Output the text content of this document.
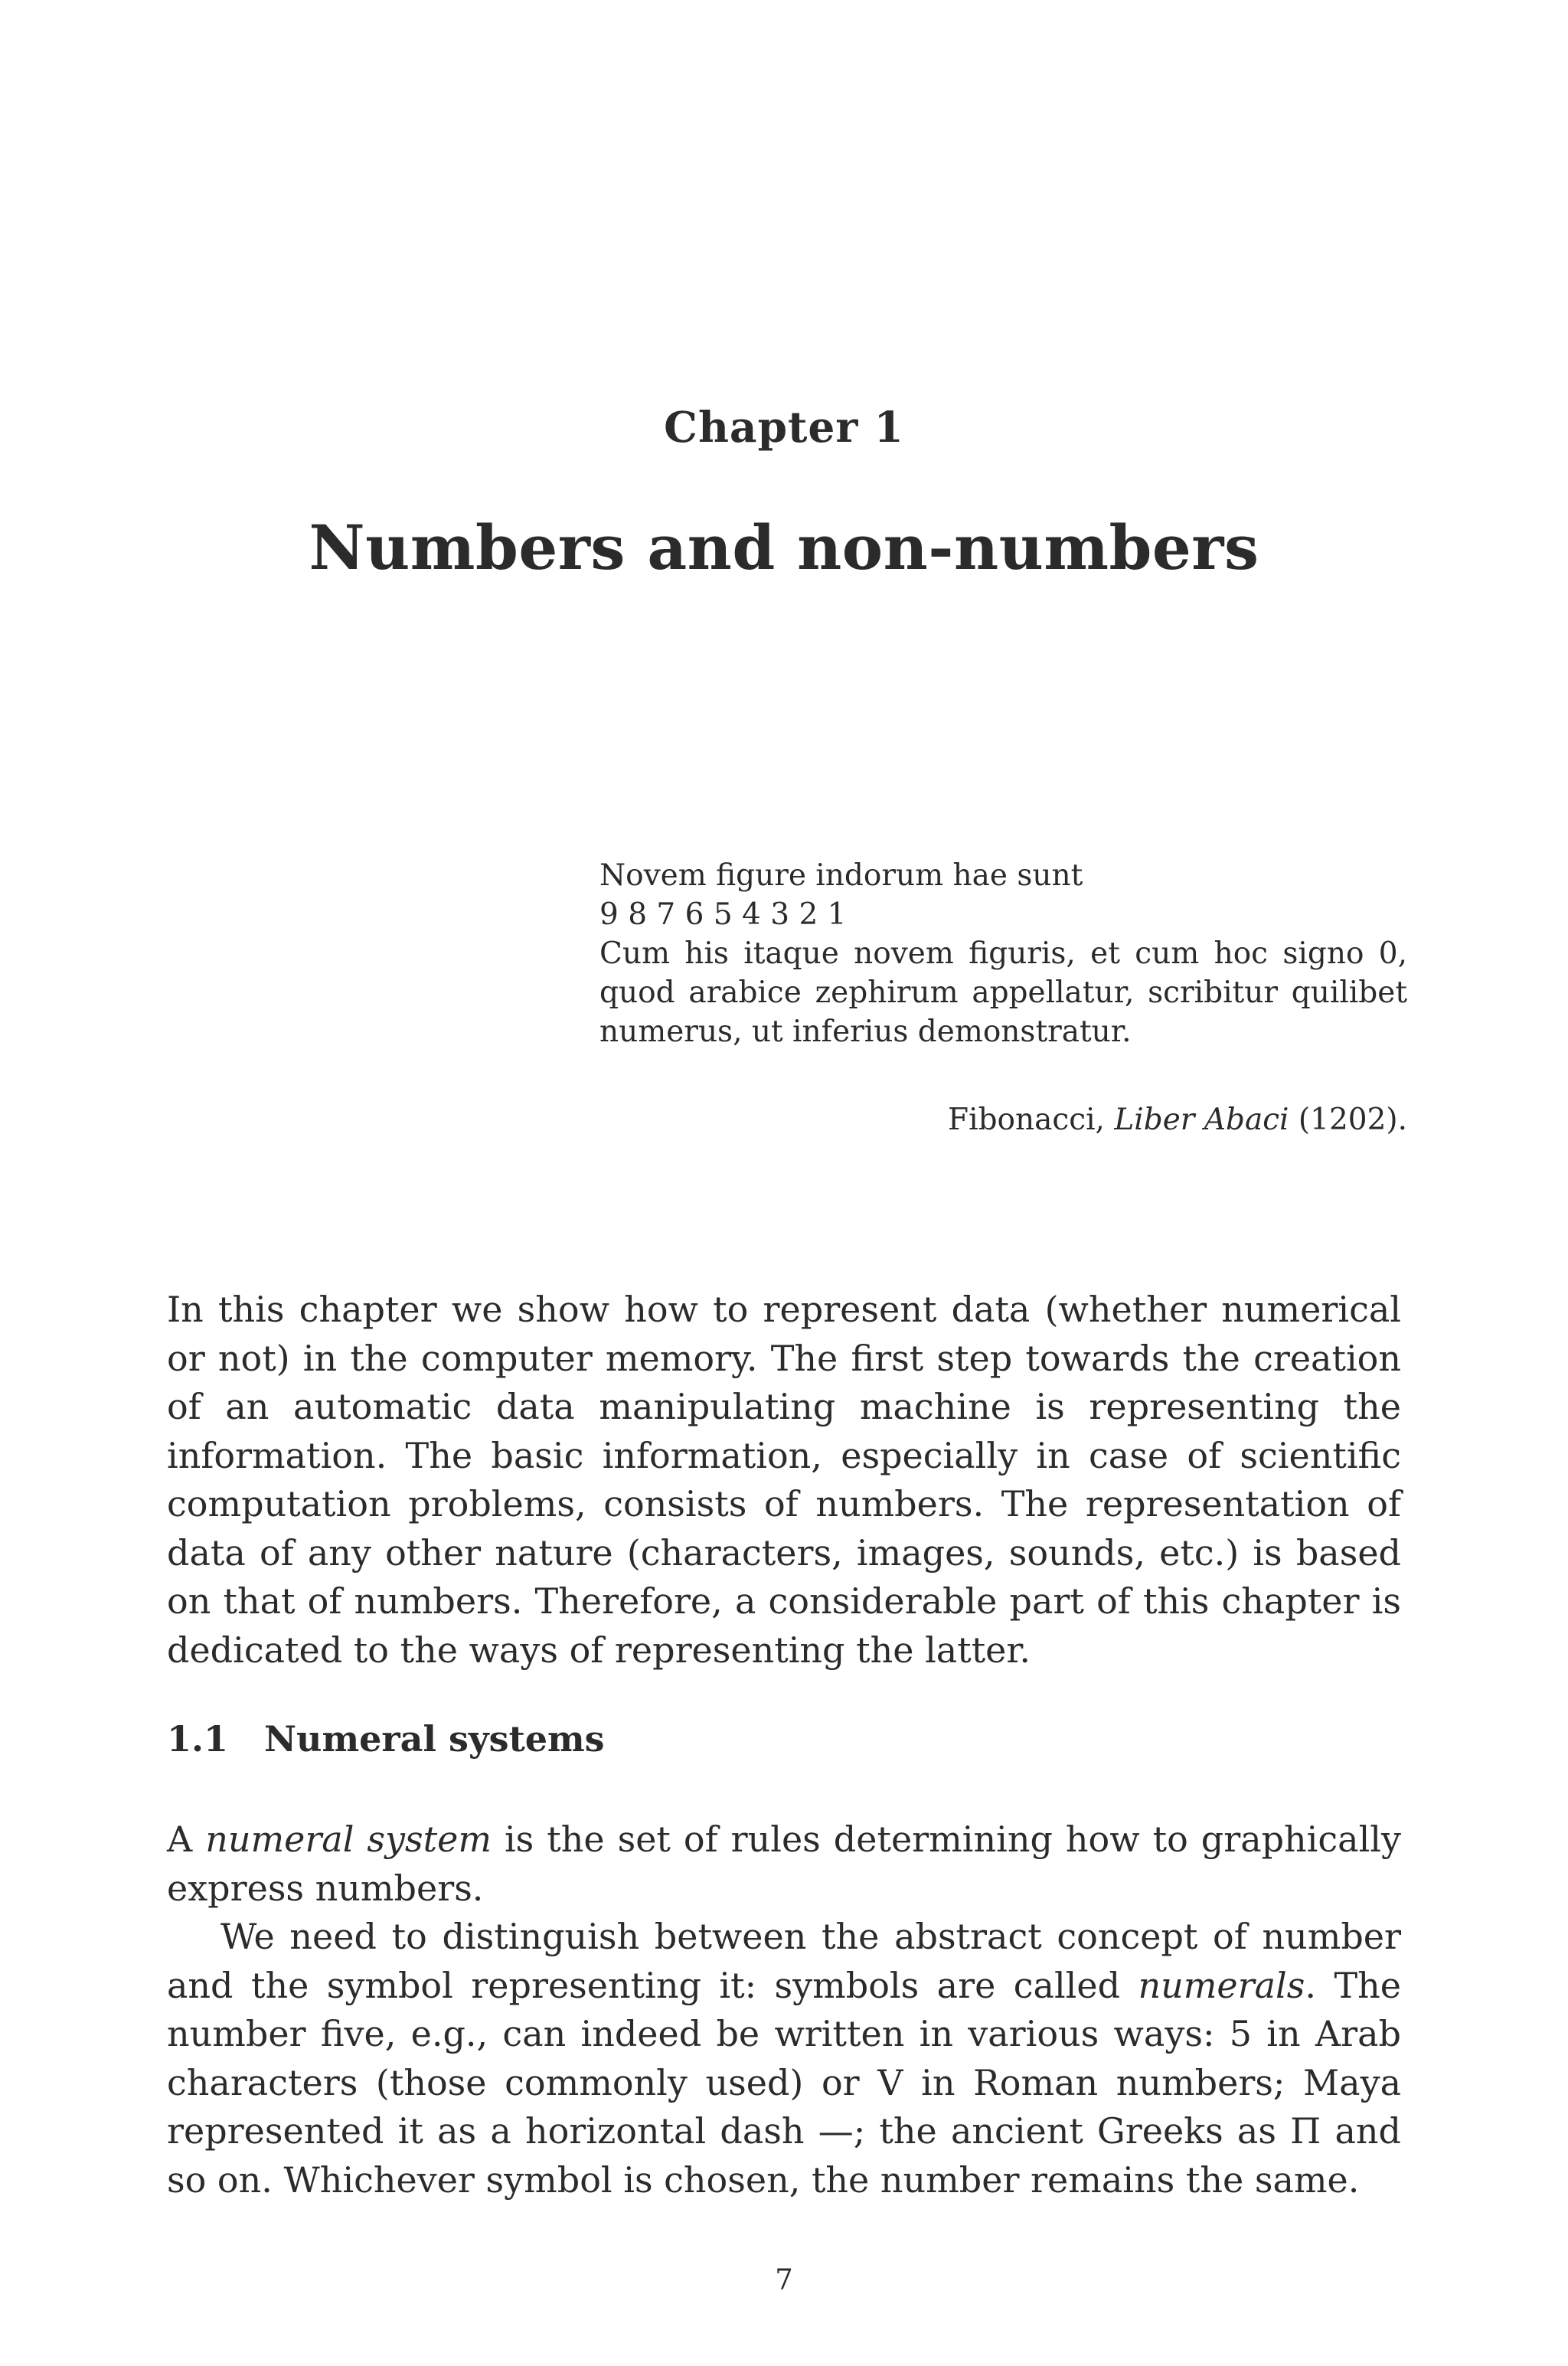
Chapter 1
Numbers and non-numbers
Novem figure indorum hae sunt
9 8 7 6 5 4 3 2 1
Cum his itaque novem figuris, et cum hoc signo 0,
quod arabice zephirum appellatur, scribitur quilibet
numerus, ut inferius demonstratur.
Fibonacci, Liber Abaci (1202).
In this chapter we show how to represent data (whether numerical or not) in the computer memory. The first step towards the creation of an automatic data manipulating machine is representing the information. The basic information, especially in case of scientific computation problems, consists of numbers. The representation of data of any other nature (characters, images, sounds, etc.) is based on that of numbers. Therefore, a considerable part of this chapter is dedicated to the ways of representing the latter.
1.1 Numeral systems
A numeral system is the set of rules determining how to graphically express numbers.
We need to distinguish between the abstract concept of number and the symbol representing it: symbols are called numerals. The number five, e.g., can indeed be written in various ways: 5 in Arab characters (those commonly used) or V in Roman numbers; Maya represented it as a horizontal dash —; the ancient Greeks as Π and so on. Whichever symbol is chosen, the number remains the same.
7
